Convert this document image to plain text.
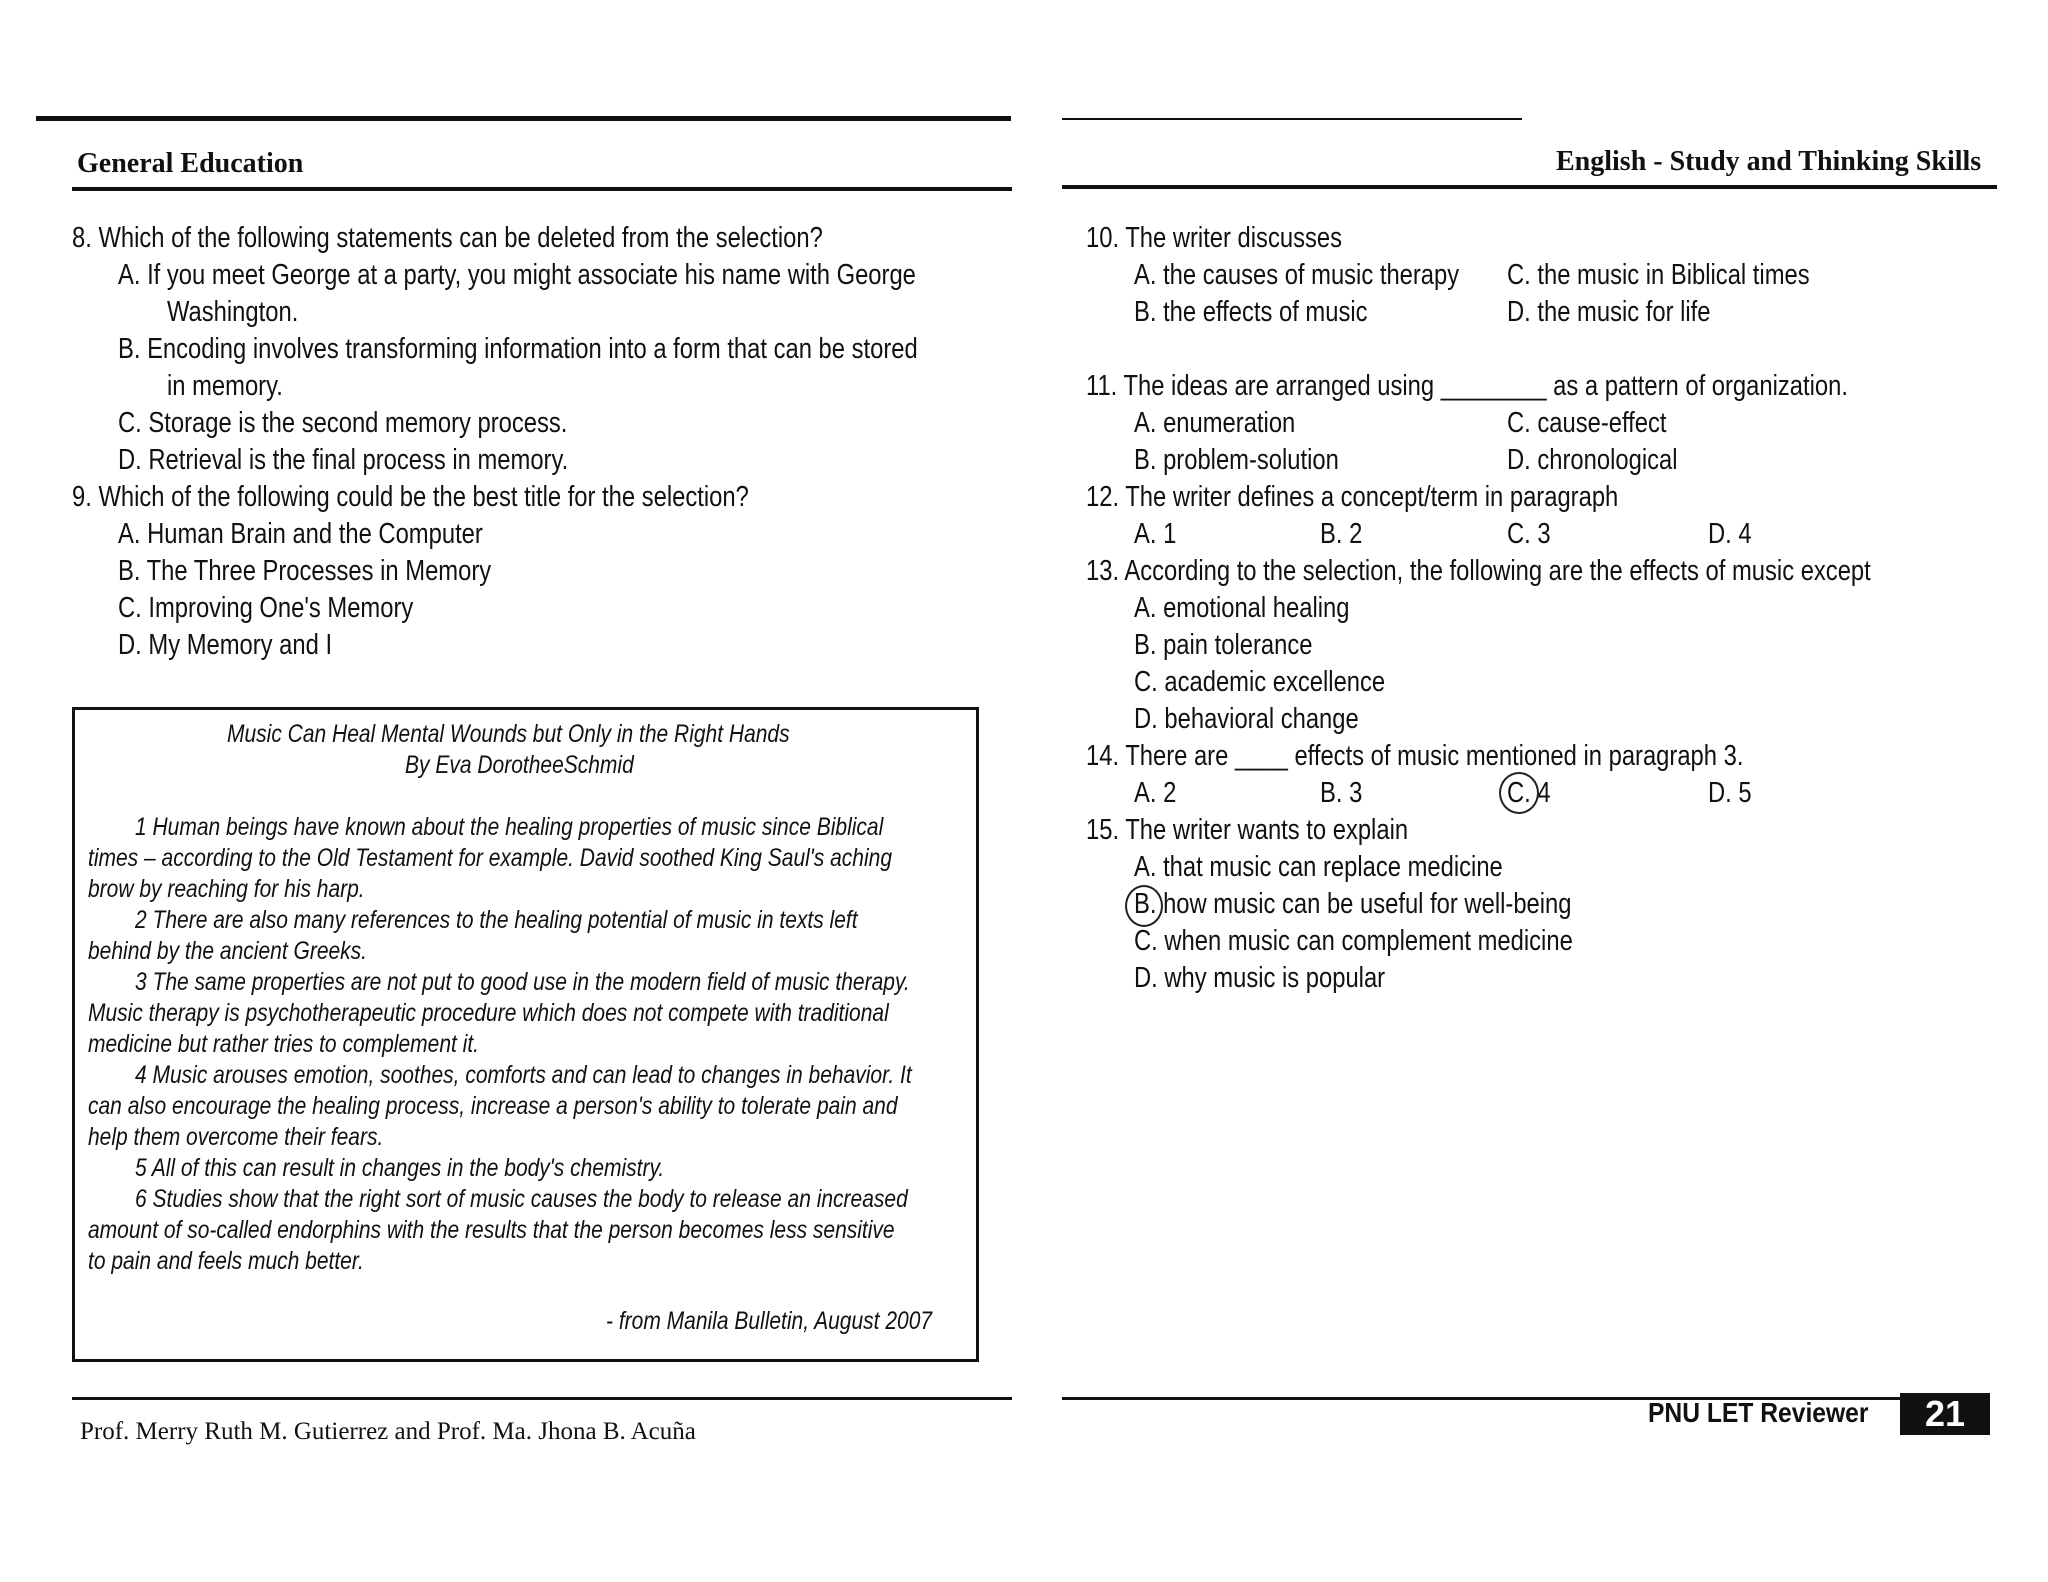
General Education	English - Study and Thinking Skills
8. Which of the following statements can be deleted from the selection?
A. If you meet George at a party, you might associate his name with George
Washington.
B. Encoding involves transforming information into a form that can be stored
in memory.
C. Storage is the second memory process.
D. Retrieval is the final process in memory.
9. Which of the following could be the best title for the selection?
A. Human Brain and the Computer
B. The Three Processes in Memory
C. Improving One's Memory
D. My Memory and I
Music Can Heal Mental Wounds but Only in the Right Hands
By Eva DorotheeSchmid
1 Human beings have known about the healing properties of music since Biblical
times – according to the Old Testament for example. David soothed King Saul's aching
brow by reaching for his harp.
2 There are also many references to the healing potential of music in texts left
behind by the ancient Greeks.
3 The same properties are not put to good use in the modern field of music therapy.
Music therapy is psychotherapeutic procedure which does not compete with traditional
medicine but rather tries to complement it.
4 Music arouses emotion, soothes, comforts and can lead to changes in behavior. It
can also encourage the healing process, increase a person's ability to tolerate pain and
help them overcome their fears.
5 All of this can result in changes in the body's chemistry.
6 Studies show that the right sort of music causes the body to release an increased
amount of so-called endorphins with the results that the person becomes less sensitive
to pain and feels much better.
- from Manila Bulletin, August 2007
10. The writer discusses
A. the causes of music therapy C. the music in Biblical times
B. the effects of music	D. the music for life
11. The ideas are arranged using ________ as a pattern of organization.
A. enumeration	C. cause-effect
B. problem-solution	D. chronological
12. The writer defines a concept/term in paragraph
A. 1	B. 2	C. 3	D. 4
13. According to the selection, the following are the effects of music except
A. emotional healing
B. pain tolerance
C. academic excellence
D. behavioral change
14. There are ____ effects of music mentioned in paragraph 3.
A. 2	B. 3	C. 4	D. 5
15. The writer wants to explain
A. that music can replace medicine
B. how music can be useful for well-being
C. when music can complement medicine
D. why music is popular
Prof. Merry Ruth M. Gutierrez and Prof. Ma. Jhona B. Acuña
PNU LET Reviewer	21
